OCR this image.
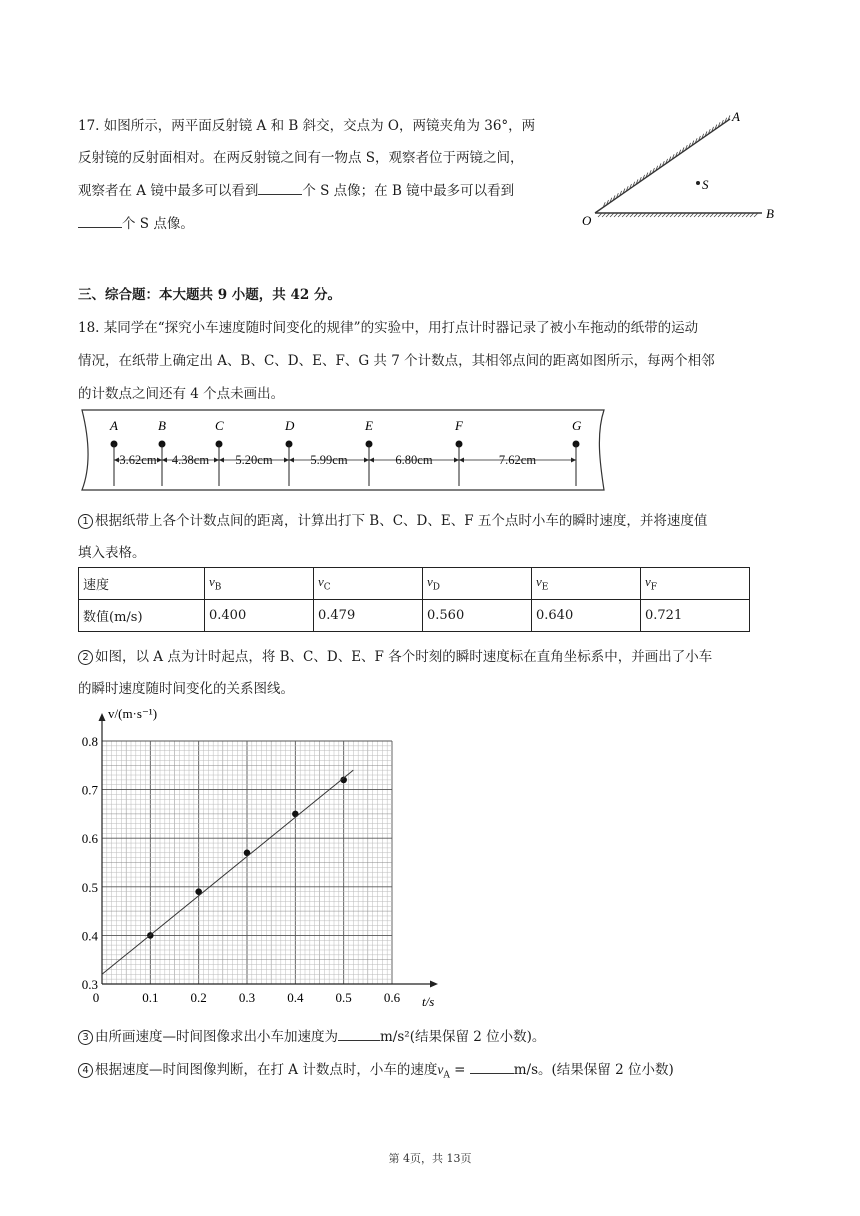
17. 如图所示，两平面反射镜 A 和 B 斜交，交点为 O，两镜夹角为 36°，两
反射镜的反射面相对。在两反射镜之间有一物点 S，观察者位于两镜之间，
观察者在 A 镜中最多可以看到	个 S 点像；在 B 镜中最多可以看到
个 S 点像。
S
A
B
O
三、综合题：本大题共 9 小题，共 42 分。
18. 某同学在“探究小车速度随时间变化的规律”的实验中，用打点计时器记录了被小车拖动的纸带的运动
情况，在纸带上确定出 A、B、C、D、E、F、G 共 7 个计数点，其相邻点间的距离如图所示，每两个相邻
的计数点之间还有 4 个点未画出。
A	B	C	D	E	F	G
3.62cm 4.38cm 5.20cm	5.99cm	6.80cm	7.62cm
1 根据纸带上各个计数点间的距离，计算出打下 B、C、D、E、F 五个点时小车的瞬时速度，并将速度值
填入表格。
速度	$v_B$	$v_C$	$v_D$	$v_E$	$v_F$
数值(m/s)	0.400	0.479	0.560	0.640	0.721
2 如图，以 A 点为计时起点，将 B、C、D、E、F 各个时刻的瞬时速度标在直角坐标系中，并画出了小车
的瞬时速度随时间变化的关系图线。
0	0.1 0.2 0.3 0.4 0.5 0.6
0.3
0.4
0.5
0.6
0.7
0.8
v/(m·s⁻¹)
t/s
3 由所画速度—时间图像求出小车加速度为	m/s²(结果保留 2 位小数)。
4 根据速度—时间图像判断，在打 A 计数点时，小车的速度$v_A$ =	m/s。(结果保留 2 位小数)
第 4页，共 13页
